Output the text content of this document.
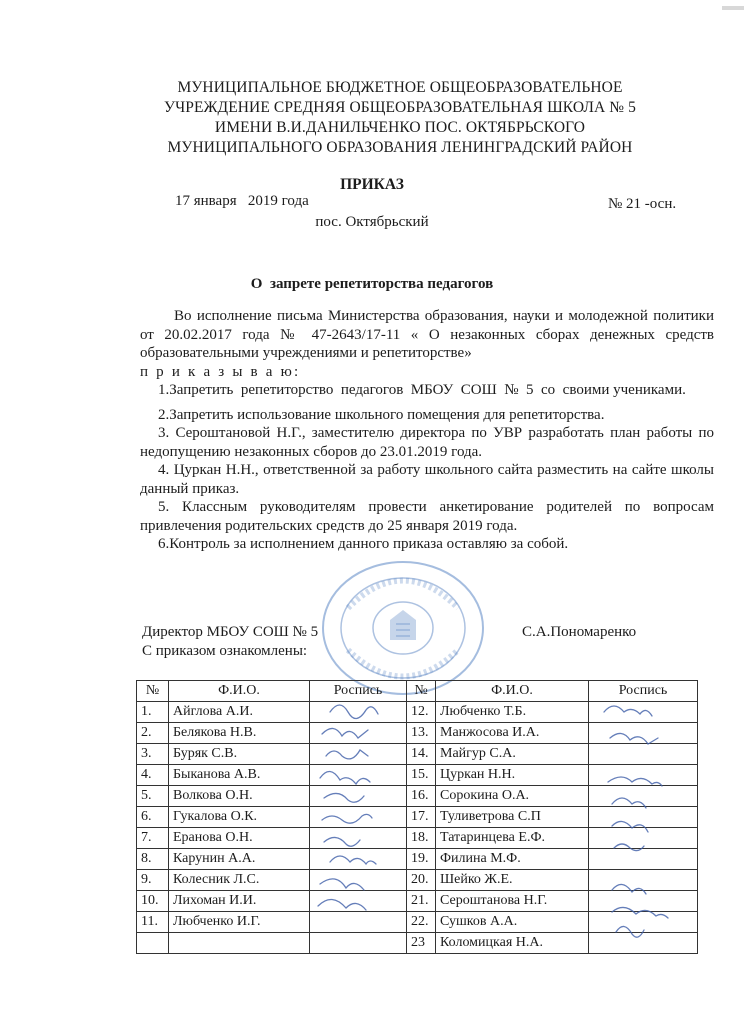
МУНИЦИПАЛЬНОЕ БЮДЖЕТНОЕ ОБЩЕОБРАЗОВАТЕЛЬНОЕ
УЧРЕЖДЕНИЕ СРЕДНЯЯ ОБЩЕОБРАЗОВАТЕЛЬНАЯ ШКОЛА № 5
ИМЕНИ В.И.ДАНИЛЬЧЕНКО ПОС. ОКТЯБРЬСКОГО
МУНИЦИПАЛЬНОГО ОБРАЗОВАНИЯ ЛЕНИНГРАДСКИЙ РАЙОН
ПРИКАЗ
17 января   2019 года	№ 21 -осн.
пос. Октябрьский
О  запрете репетиторства педагогов

Во исполнение письма Министерства образования, науки и молодежной политики от 20.02.2017 года № 47-2643/17-11 « О незаконных сборах денежных средств образовательными учреждениями и репетиторстве»

п р и к а з ы в а ю:

1.Запретить  репетиторство  педагогов  МБОУ  СОШ  №  5  со  своими учениками.

2.Запретить использование школьного помещения для репетиторства.

3. Сероштановой Н.Г., заместителю директора по УВР разработать план работы по недопущению незаконных сборов до 23.01.2019 года.

4. Цуркан Н.Н., ответственной за работу школьного сайта разместить на сайте школы данный приказ.

5. Классным руководителям провести анкетирование родителей по вопросам привлечения родительских средств до 25 января 2019 года.

6.Контроль за исполнением данного приказа оставляю за собой.

Директор МБОУ СОШ № 5	С.А.Пономаренко
С приказом ознакомлены:
№	Ф.И.О.	Роспись	№	Ф.И.О.	Роспись
1.	Айглова А.И.		12.	Любченко Т.Б.	
2.	Белякова Н.В.		13.	Манжосова И.А.	
3.	Буряк С.В.		14.	Майгур С.А.	
4.	Быканова А.В.		15.	Цуркан Н.Н.	
5.	Волкова О.Н.		16.	Сорокина О.А.	
6.	Гукалова О.К.		17.	Туливетрова С.П	
7.	Еранова О.Н.		18.	Татаринцева Е.Ф.	
8.	Карунин А.А.		19.	Филина М.Ф.	
9.	Колесник Л.С.		20.	Шейко Ж.Е.	
10.	Лихоман И.И.		21.	Сероштанова Н.Г.	
11.	Любченко И.Г.		22.	Сушков А.А.	
			23	Коломицкая Н.А.	
